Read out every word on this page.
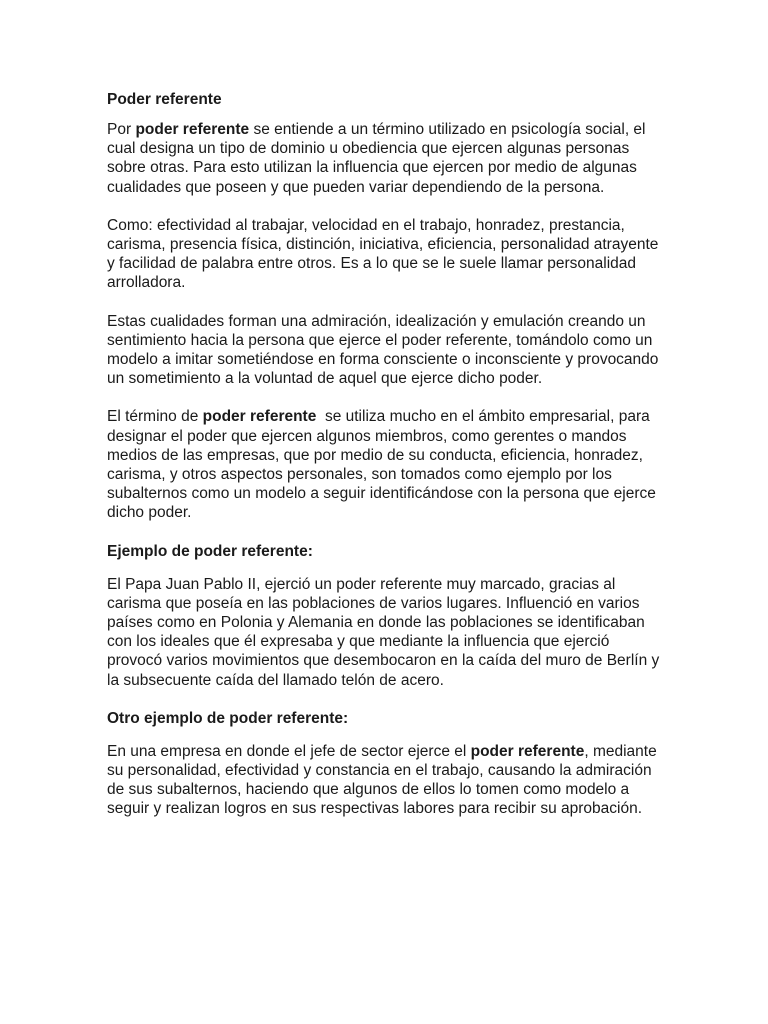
Poder referente

Por poder referente se entiende a un término utilizado en psicología social, el cual designa un tipo de dominio u obediencia que ejercen algunas personas sobre otras. Para esto utilizan la influencia que ejercen por medio de algunas cualidades que poseen y que pueden variar dependiendo de la persona.

Como: efectividad al trabajar, velocidad en el trabajo, honradez, prestancia, carisma, presencia física, distinción, iniciativa, eficiencia, personalidad atrayente y facilidad de palabra entre otros. Es a lo que se le suele llamar personalidad arrolladora.

Estas cualidades forman una admiración, idealización y emulación creando un sentimiento hacia la persona que ejerce el poder referente, tomándolo como un modelo a imitar sometiéndose en forma consciente o inconsciente y provocando un sometimiento a la voluntad de aquel que ejerce dicho poder.

El término de poder referente  se utiliza mucho en el ámbito empresarial, para designar el poder que ejercen algunos miembros, como gerentes o mandos medios de las empresas, que por medio de su conducta, eficiencia, honradez, carisma, y otros aspectos personales, son tomados como ejemplo por los subalternos como un modelo a seguir identificándose con la persona que ejerce dicho poder.

Ejemplo de poder referente:

El Papa Juan Pablo II, ejerció un poder referente muy marcado, gracias al carisma que poseía en las poblaciones de varios lugares. Influenció en varios países como en Polonia y Alemania en donde las poblaciones se identificaban con los ideales que él expresaba y que mediante la influencia que ejerció provocó varios movimientos que desembocaron en la caída del muro de Berlín y la subsecuente caída del llamado telón de acero.

Otro ejemplo de poder referente:

En una empresa en donde el jefe de sector ejerce el poder referente, mediante su personalidad, efectividad y constancia en el trabajo, causando la admiración de sus subalternos, haciendo que algunos de ellos lo tomen como modelo a seguir y realizan logros en sus respectivas labores para recibir su aprobación.
